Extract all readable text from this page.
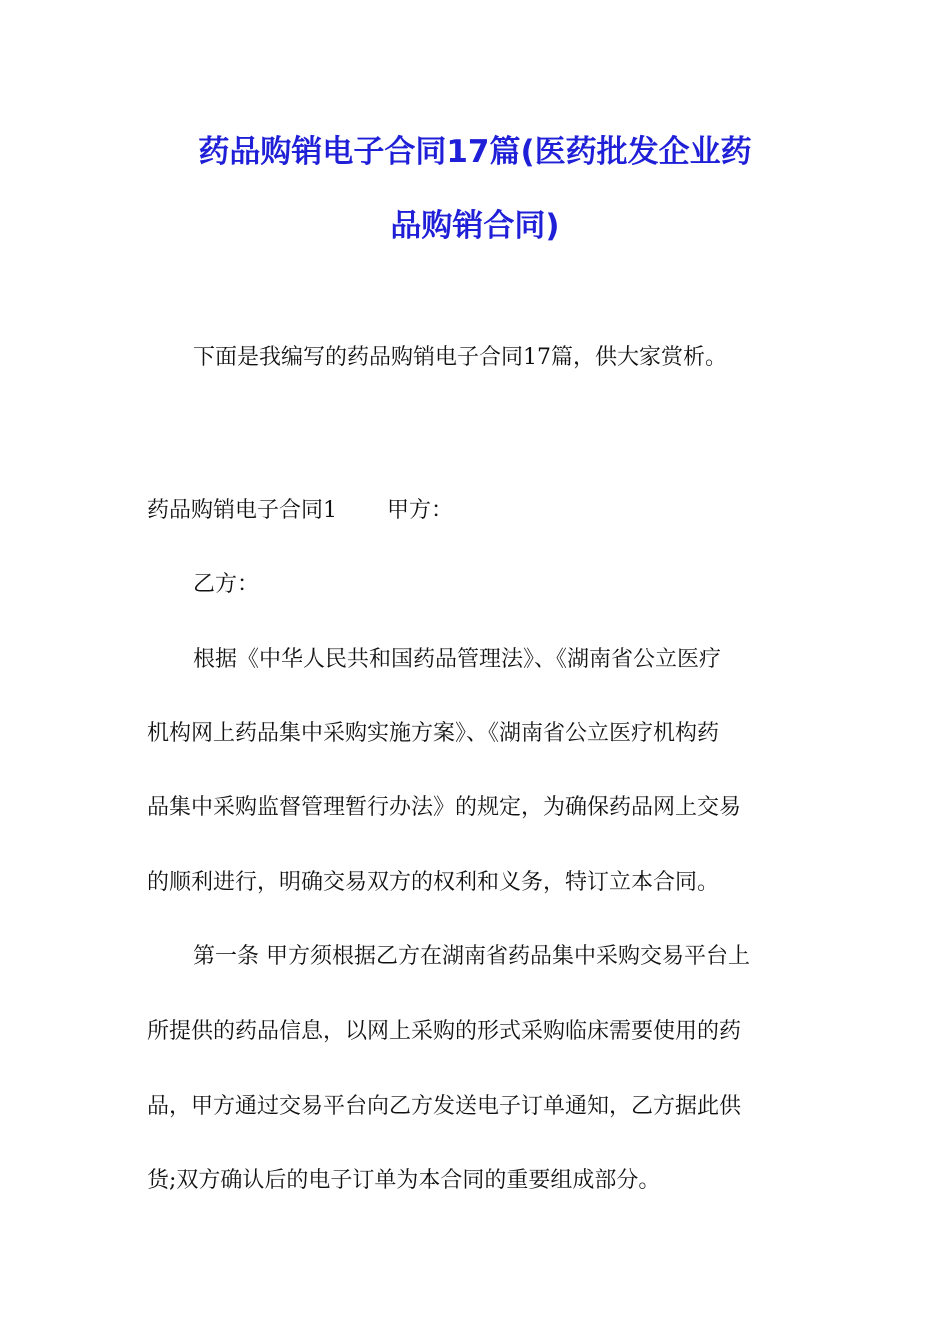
药品购销电子合同17篇(医药批发企业药
品购销合同)
下面是我编写的药品购销电子合同17篇，供大家赏析。
药品购销电子合同1 甲方：
乙方：
根据《中华人民共和国药品管理法》、《湖南省公立医疗
机构网上药品集中采购实施方案》、《湖南省公立医疗机构药
品集中采购监督管理暂行办法》的规定，为确保药品网上交易
的顺利进行，明确交易双方的权利和义务，特订立本合同。
第一条 甲方须根据乙方在湖南省药品集中采购交易平台上
所提供的药品信息，以网上采购的形式采购临床需要使用的药
品，甲方通过交易平台向乙方发送电子订单通知，乙方据此供
货;双方确认后的电子订单为本合同的重要组成部分。
